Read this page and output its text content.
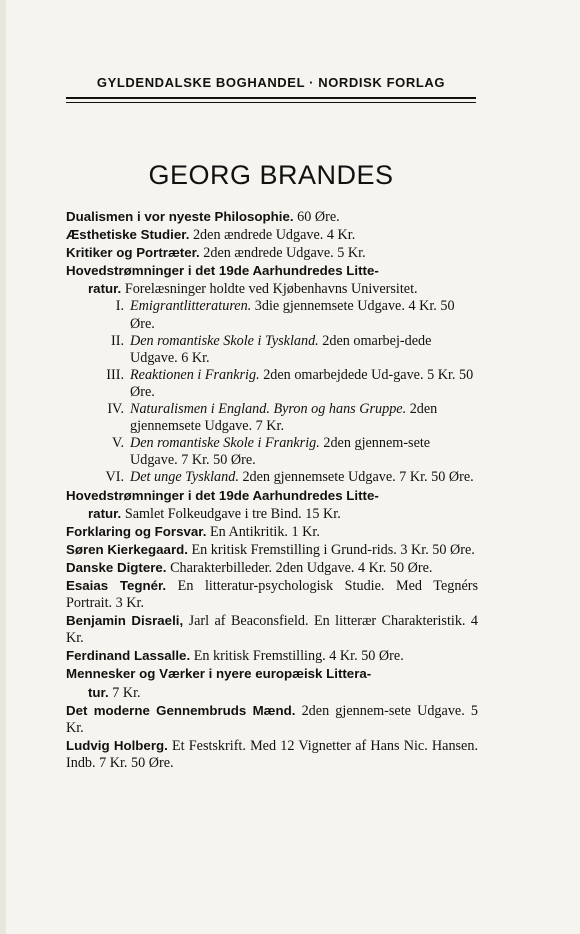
GYLDENDALSKE BOGHANDEL · NORDISK FORLAG
GEORG BRANDES
Dualismen i vor nyeste Philosophie. 60 Øre.
Æsthetiske Studier. 2den ændrede Udgave. 4 Kr.
Kritiker og Portræter. 2den ændrede Udgave. 5 Kr.
Hovedstrømninger i det 19de Aarhundredes Litte-
ratur. Forelæsninger holdte ved Kjøbenhavns Universitet.
I. Emigrantlitteraturen. 3die gjennemsete Udgave. 4 Kr. 50 Øre.
II. Den romantiske Skole i Tyskland. 2den omarbej-dede Udgave. 6 Kr.
III. Reaktionen i Frankrig. 2den omarbejdede Ud-gave. 5 Kr. 50 Øre.
IV. Naturalismen i England. Byron og hans Gruppe. 2den gjennemsete Udgave. 7 Kr.
V. Den romantiske Skole i Frankrig. 2den gjennem-sete Udgave. 7 Kr. 50 Øre.
VI. Det unge Tyskland. 2den gjennemsete Udgave. 7 Kr. 50 Øre.
Hovedstrømninger i det 19de Aarhundredes Litte-
ratur. Samlet Folkeudgave i tre Bind. 15 Kr.
Forklaring og Forsvar. En Antikritik. 1 Kr.
Søren Kierkegaard. En kritisk Fremstilling i Grund-rids. 3 Kr. 50 Øre.
Danske Digtere. Charakterbilleder. 2den Udgave. 4 Kr. 50 Øre.
Esaias Tegnér. En litteratur-psychologisk Studie. Med Tegnérs Portrait. 3 Kr.
Benjamin Disraeli, Jarl af Beaconsfield. En litterær Charakteristik. 4 Kr.
Ferdinand Lassalle. En kritisk Fremstilling. 4 Kr. 50 Øre.
Mennesker og Værker i nyere europæisk Littera-
tur. 7 Kr.
Det moderne Gennembruds Mænd. 2den gjennem-sete Udgave. 5 Kr.
Ludvig Holberg. Et Festskrift. Med 12 Vignetter af Hans Nic. Hansen. Indb. 7 Kr. 50 Øre.
